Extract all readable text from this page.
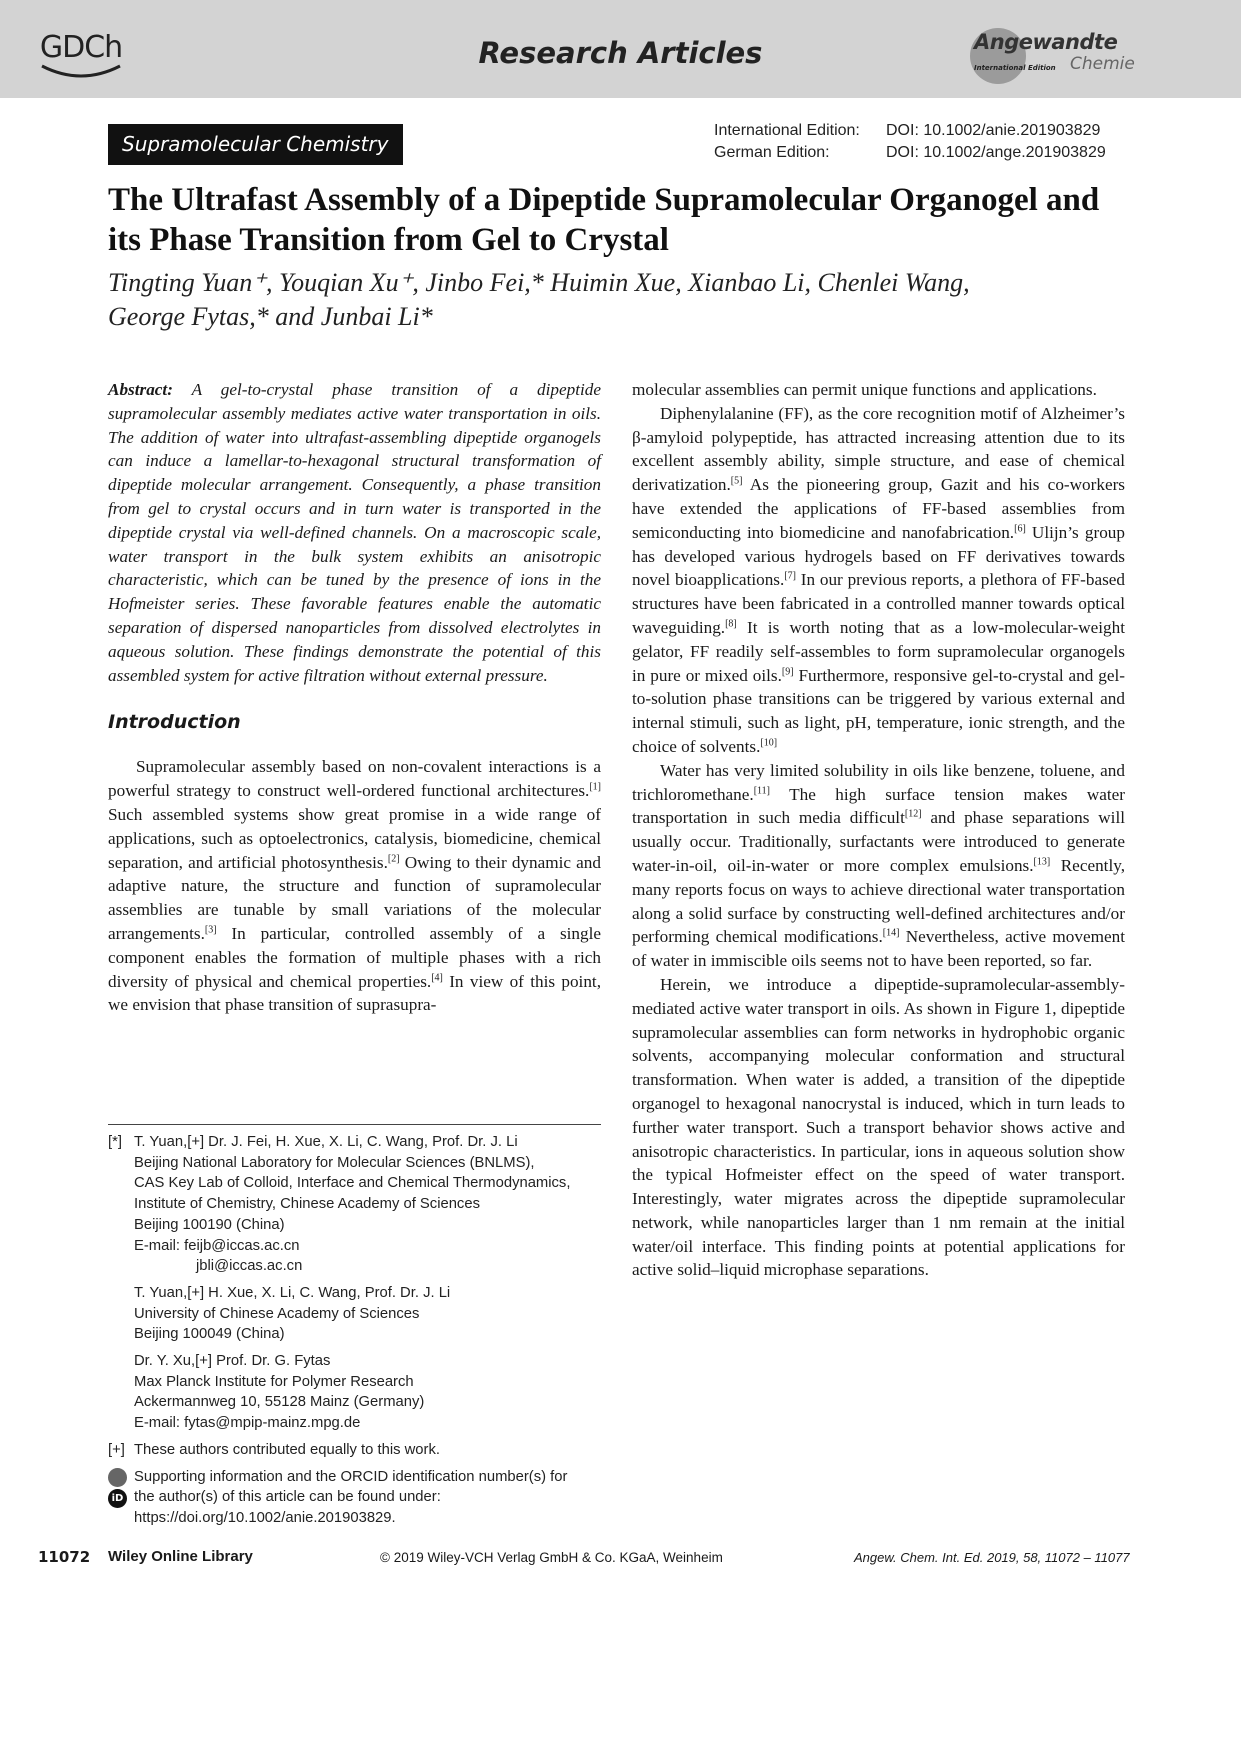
GDCh	Research Articles	Angewandte
International Edition Chemie
Supramolecular Chemistry
International Edition:	DOI: 10.1002/anie.201903829
German Edition:	DOI: 10.1002/ange.201903829
The Ultrafast Assembly of a Dipeptide Supramolecular Organogel and
its Phase Transition from Gel to Crystal
Tingting Yuan⁺, Youqian Xu⁺, Jinbo Fei,* Huimin Xue, Xianbao Li, Chenlei Wang,
George Fytas,* and Junbai Li*

Abstract: A gel-to-crystal phase transition of a dipeptide supramolecular assembly mediates active water transportation in oils. The addition of water into ultrafast-assembling dipeptide organogels can induce a lamellar-to-hexagonal structural transformation of dipeptide molecular arrangement. Consequently, a phase transition from gel to crystal occurs and in turn water is transported in the dipeptide crystal via well-defined channels. On a macroscopic scale, water transport in the bulk system exhibits an anisotropic characteristic, which can be tuned by the presence of ions in the Hofmeister series. These favorable features enable the automatic separation of dispersed nanoparticles from dissolved electrolytes in aqueous solution. These findings demonstrate the potential of this assembled system for active filtration without external pressure.

Introduction

Supramolecular assembly based on non-covalent interactions is a powerful strategy to construct well-ordered functional architectures.[1] Such assembled systems show great promise in a wide range of applications, such as optoelectronics, catalysis, biomedicine, chemical separation, and artificial photosynthesis.[2] Owing to their dynamic and adaptive nature, the structure and function of supramolecular assemblies are tunable by small variations of the molecular arrangements.[3] In particular, controlled assembly of a single component enables the formation of multiple phases with a rich diversity of physical and chemical properties.[4] In view of this point, we envision that phase transition of suprasupra-

[*] T. Yuan,[+] Dr. J. Fei, H. Xue, X. Li, C. Wang, Prof. Dr. J. Li
Beijing National Laboratory for Molecular Sciences (BNLMS),
CAS Key Lab of Colloid, Interface and Chemical Thermodynamics,
Institute of Chemistry, Chinese Academy of Sciences
Beijing 100190 (China)
E-mail: feijb@iccas.ac.cn
jbli@iccas.ac.cn
T. Yuan,[+] H. Xue, X. Li, C. Wang, Prof. Dr. J. Li
University of Chinese Academy of Sciences
Beijing 100049 (China)
Dr. Y. Xu,[+] Prof. Dr. G. Fytas
Max Planck Institute for Polymer Research
Ackermannweg 10, 55128 Mainz (Germany)
E-mail: fytas@mpip-mainz.mpg.de
[+] These authors contributed equally to this work.
iD
Supporting information and the ORCID identification number(s) for
the author(s) of this article can be found under:
https://doi.org/10.1002/anie.201903829.

molecular assemblies can permit unique functions and applications.

Diphenylalanine (FF), as the core recognition motif of Alzheimer’s β-amyloid polypeptide, has attracted increasing attention due to its excellent assembly ability, simple structure, and ease of chemical derivatization.[5] As the pioneering group, Gazit and his co-workers have extended the applications of FF-based assemblies from semiconducting into biomedicine and nanofabrication.[6] Ulijn’s group has developed various hydrogels based on FF derivatives towards novel bioapplications.[7] In our previous reports, a plethora of FF-based structures have been fabricated in a controlled manner towards optical waveguiding.[8] It is worth noting that as a low-molecular-weight gelator, FF readily self-assembles to form supramolecular organogels in pure or mixed oils.[9] Furthermore, responsive gel-to-crystal and gel-to-solution phase transitions can be triggered by various external and internal stimuli, such as light, pH, temperature, ionic strength, and the choice of solvents.[10]

Water has very limited solubility in oils like benzene, toluene, and trichloromethane.[11] The high surface tension makes water transportation in such media difficult[12] and phase separations will usually occur. Traditionally, surfactants were introduced to generate water-in-oil, oil-in-water or more complex emulsions.[13] Recently, many reports focus on ways to achieve directional water transportation along a solid surface by constructing well-defined architectures and/or performing chemical modifications.[14] Nevertheless, active movement of water in immiscible oils seems not to have been reported, so far.

Herein, we introduce a dipeptide-supramolecular-assembly-mediated active water transport in oils. As shown in Figure 1, dipeptide supramolecular assemblies can form networks in hydrophobic organic solvents, accompanying molecular conformation and structural transformation. When water is added, a transition of the dipeptide organogel to hexagonal nanocrystal is induced, which in turn leads to further water transport. Such a transport behavior shows active and anisotropic characteristics. In particular, ions in aqueous solution show the typical Hofmeister effect on the speed of water transport. Interestingly, water migrates across the dipeptide supramolecular network, while nanoparticles larger than 1 nm remain at the initial water/oil interface. This finding points at potential applications for active solid–liquid microphase separations.

11072 Wiley Online Library	© 2019 Wiley-VCH Verlag GmbH & Co. KGaA, Weinheim	Angew. Chem. Int. Ed. 2019, 58, 11072 – 11077
